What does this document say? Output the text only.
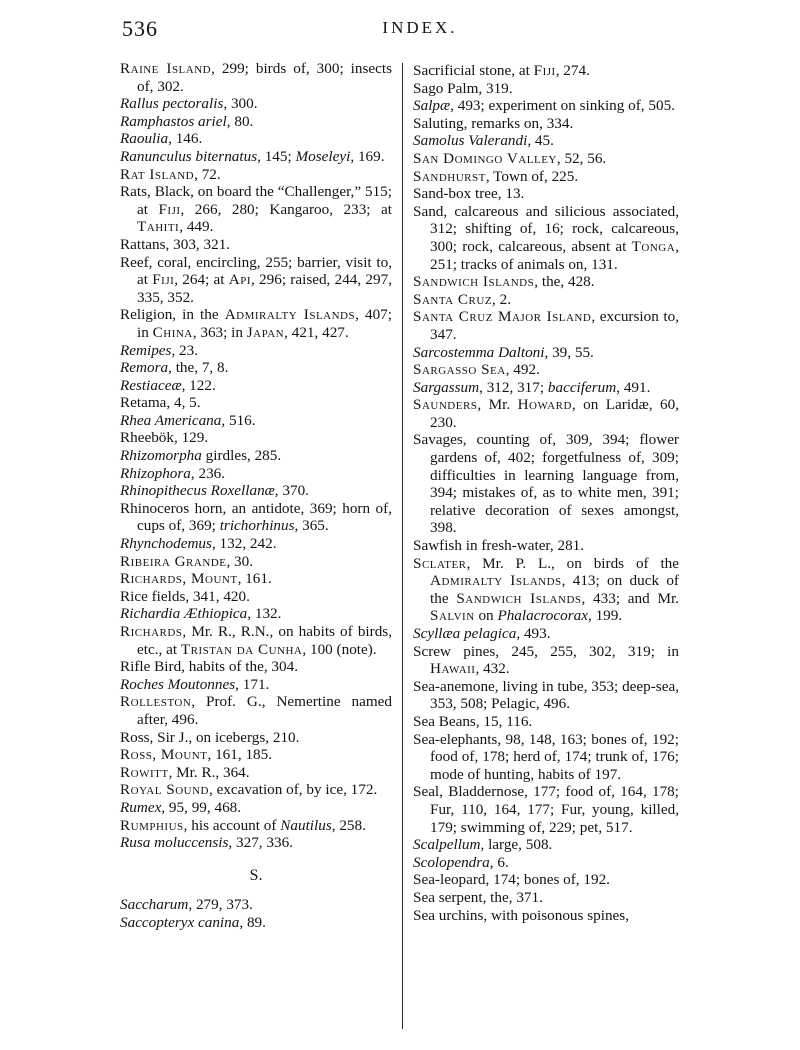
536	INDEX.
Raine Island, 299; birds of, 300; insects of, 302.
Rallus pectoralis, 300.
Ramphastos ariel, 80.
Raoulia, 146.
Ranunculus biternatus, 145; Moseleyi, 169.
Rat Island, 72.
Rats, Black, on board the “Challenger,” 515; at Fiji, 266, 280; Kangaroo, 233; at Tahiti, 449.
Rattans, 303, 321.
Reef, coral, encircling, 255; barrier, visit to, at Fiji, 264; at Api, 296; raised, 244, 297, 335, 352.
Religion, in the Admiralty Islands, 407; in China, 363; in Japan, 421, 427.
Remipes, 23.
Remora, the, 7, 8.
Restiaceæ, 122.
Retama, 4, 5.
Rhea Americana, 516.
Rheebök, 129.
Rhizomorpha girdles, 285.
Rhizophora, 236.
Rhinopithecus Roxellanæ, 370.
Rhinoceros horn, an antidote, 369; horn of, cups of, 369; trichorhinus, 365.
Rhynchodemus, 132, 242.
Ribeira Grande, 30.
Richards, Mount, 161.
Rice fields, 341, 420.
Richardia Æthiopica, 132.
Richards, Mr. R., R.N., on habits of birds, etc., at Tristan da Cunha, 100 (note).
Rifle Bird, habits of the, 304.
Roches Moutonnes, 171.
Rolleston, Prof. G., Nemertine named after, 496.
Ross, Sir J., on icebergs, 210.
Ross, Mount, 161, 185.
Rowitt, Mr. R., 364.
Royal Sound, excavation of, by ice, 172.
Rumex, 95, 99, 468.
Rumphius, his account of Nautilus, 258.
Rusa moluccensis, 327, 336.
S.
Saccharum, 279, 373.
Saccopteryx canina, 89.
Sacrificial stone, at Fiji, 274.
Sago Palm, 319.
Salpæ, 493; experiment on sinking of, 505.
Saluting, remarks on, 334.
Samolus Valerandi, 45.
San Domingo Valley, 52, 56.
Sandhurst, Town of, 225.
Sand-box tree, 13.
Sand, calcareous and silicious associated, 312; shifting of, 16; rock, calcareous, 300; rock, calcareous, absent at Tonga, 251; tracks of animals on, 131.
Sandwich Islands, the, 428.
Santa Cruz, 2.
Santa Cruz Major Island, excursion to, 347.
Sarcostemma Daltoni, 39, 55.
Sargasso Sea, 492.
Sargassum, 312, 317; bacciferum, 491.
Saunders, Mr. Howard, on Laridæ, 60, 230.
Savages, counting of, 309, 394; flower gardens of, 402; forgetfulness of, 309; difficulties in learning language from, 394; mistakes of, as to white men, 391; relative decoration of sexes amongst, 398.
Sawfish in fresh-water, 281.
Sclater, Mr. P. L., on birds of the Admiralty Islands, 413; on duck of the Sandwich Islands, 433; and Mr. Salvin on Phalacrocorax, 199.
Scyllæa pelagica, 493.
Screw pines, 245, 255, 302, 319; in Hawaii, 432.
Sea-anemone, living in tube, 353; deep-sea, 353, 508; Pelagic, 496.
Sea Beans, 15, 116.
Sea-elephants, 98, 148, 163; bones of, 192; food of, 178; herd of, 174; trunk of, 176; mode of hunting, habits of 197.
Seal, Bladdernose, 177; food of, 164, 178; Fur, 110, 164, 177; Fur, young, killed, 179; swimming of, 229; pet, 517.
Scalpellum, large, 508.
Scolopendra, 6.
Sea-leopard, 174; bones of, 192.
Sea serpent, the, 371.
Sea urchins, with poisonous spines,
